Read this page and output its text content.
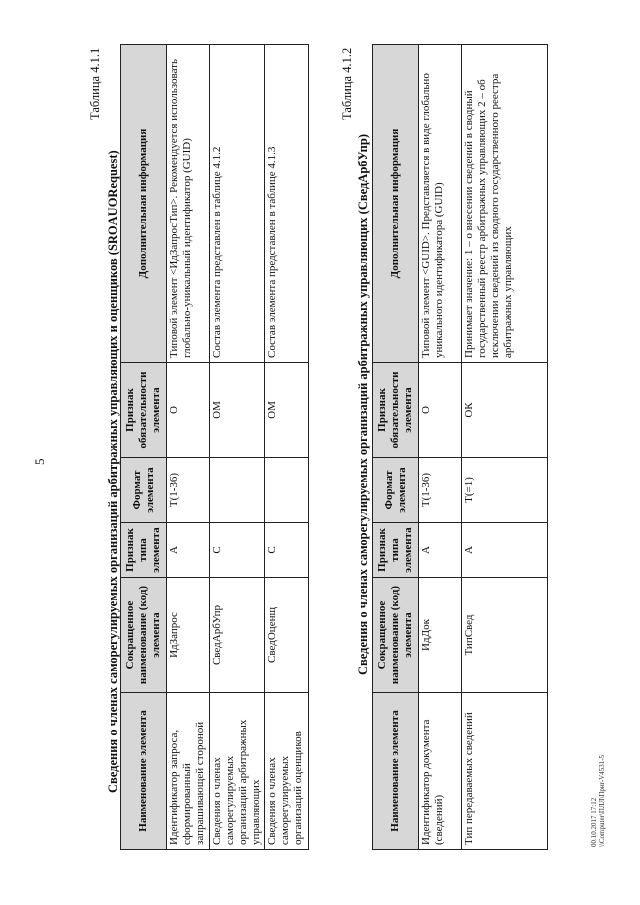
5
Таблица 4.1.1
Сведения о членах саморегулируемых организаций арбитражных управляющих и оценщиков (SROAUORequest) Наименование элемента	Сокращенное наименование (код) элемента	Признак типа элемента	Формат элемента	Признак обязательности элемента	Дополнительная информация
Идентификатор запроса, сформированный запрашивающей стороной	ИдЗапрос	А	T(1-36)	О	Типовой элемент <ИдЗапросТип>. Рекомендуется использовать глобально-уникальный идентификатор (GUID)
Сведения о членах саморегулируемых организаций арбитражных управляющих	СведАрбУпр	С		ОМ	Состав элемента представлен в таблице 4.1.2
Сведения о членах саморегулируемых организаций оценщиков	СведОценщ	С		ОМ	Состав элемента представлен в таблице 4.1.3
Таблица 4.1.2
Сведения о членах саморегулируемых организаций арбитражных управляющих (СведАрбУпр)
Наименование элемента	Сокращенное наименование (код) элемента	Признак типа элемента	Формат элемента	Признак обязательности элемента	Дополнительная информация
Идентификатор документа (сведений)	ИдДок	А	T(1-36)	О	Типовой элемент <GUID>. Представляется в виде глобально уникального идентификатора (GUID)
Тип передаваемых сведений	ТипСвед	А	T(=1)	ОК	Принимает значение: 1 – о внесении сведений в сводный государственный реестр арбитражных управляющих 2 – об исключении сведений из сводного государственного реестра арбитражных управляющих
00.10.2017 17:12 \\Computer\ПЛЛ\Приr-V4531-5
